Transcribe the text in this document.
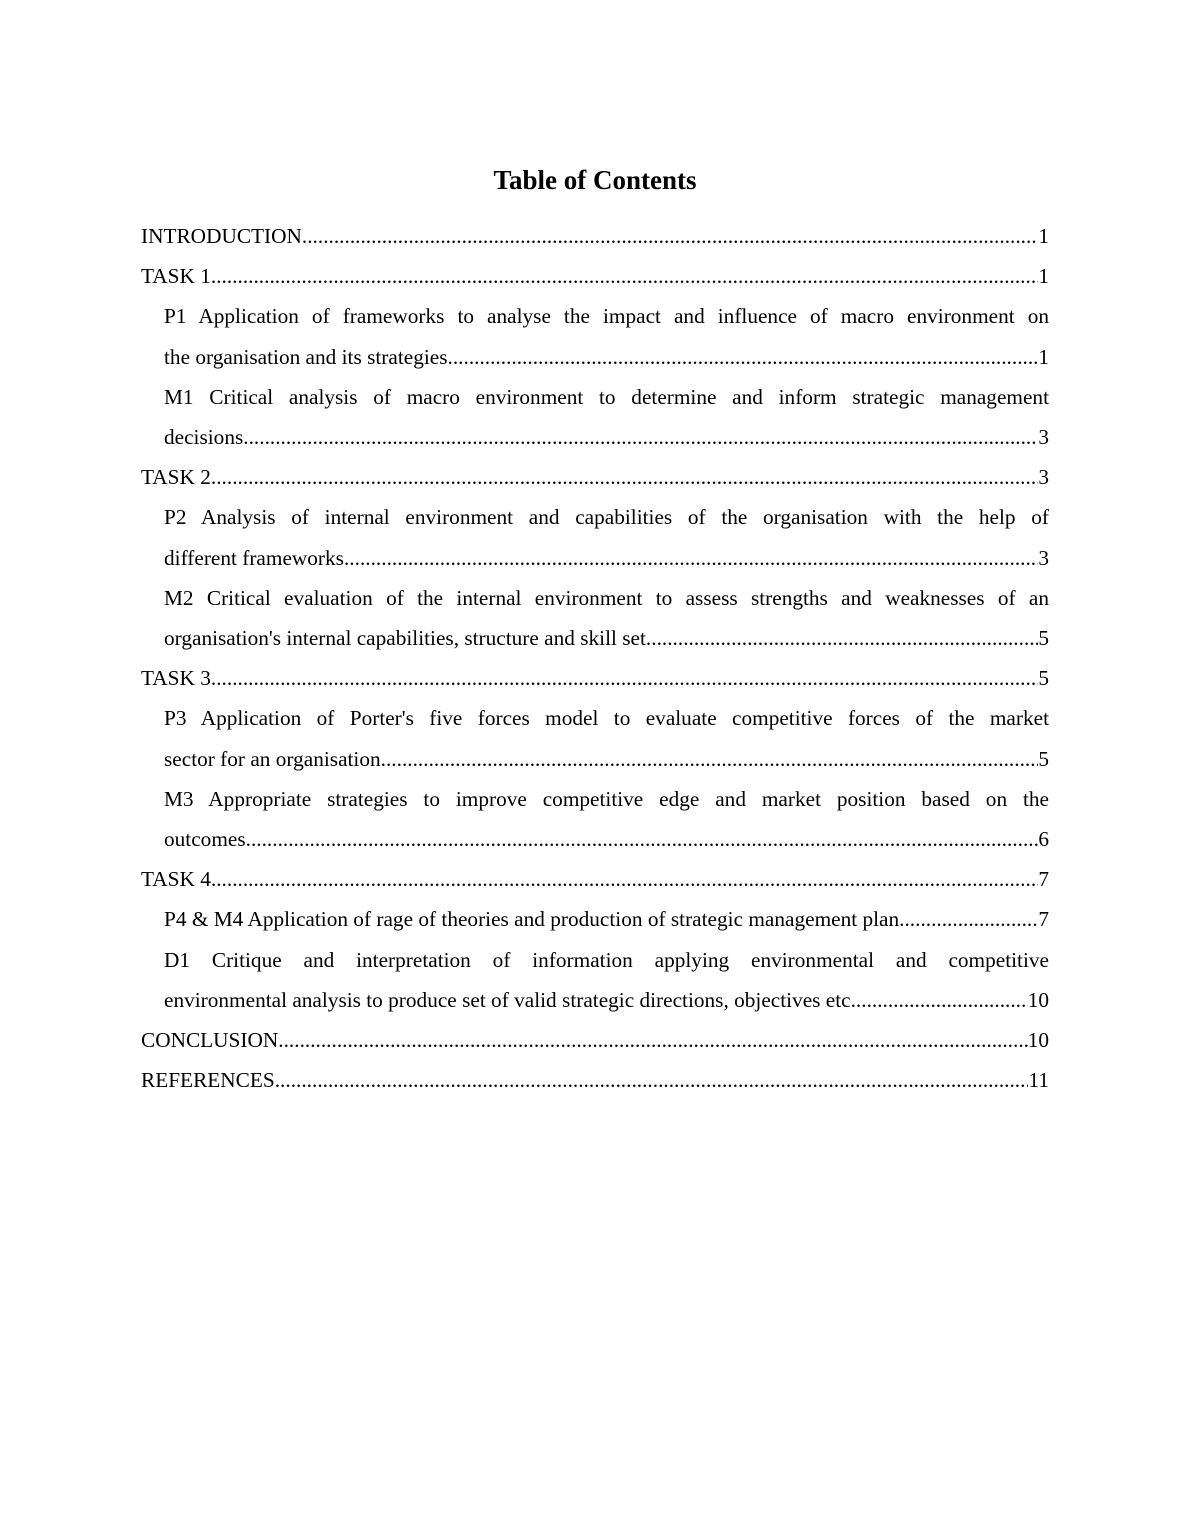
Table of Contents
INTRODUCTION .....	1
TASK 1 .....	1
P1 Application of frameworks to analyse the impact and influence of macro environment on
the organisation and its strategies .....	1
M1 Critical analysis of macro environment to determine and inform strategic management
decisions .....	3
TASK 2 .....	3
P2 Analysis of internal environment and capabilities of the organisation with the help of
different frameworks .....	3
M2 Critical evaluation of the internal environment to assess strengths and weaknesses of an
organisation's internal capabilities, structure and skill set .....	5
TASK 3 .....	5
P3 Application of Porter's five forces model to evaluate competitive forces of the market
sector for an organisation .....	5
M3 Appropriate strategies to improve competitive edge and market position based on the
outcomes .....	6
TASK 4 .....	7
P4 & M4 Application of rage of theories and production of strategic management plan .....	7
D1 Critique and interpretation of information applying environmental and competitive
environmental analysis to produce set of valid strategic directions, objectives etc .....	10
CONCLUSION .....	10
REFERENCES .....	11
